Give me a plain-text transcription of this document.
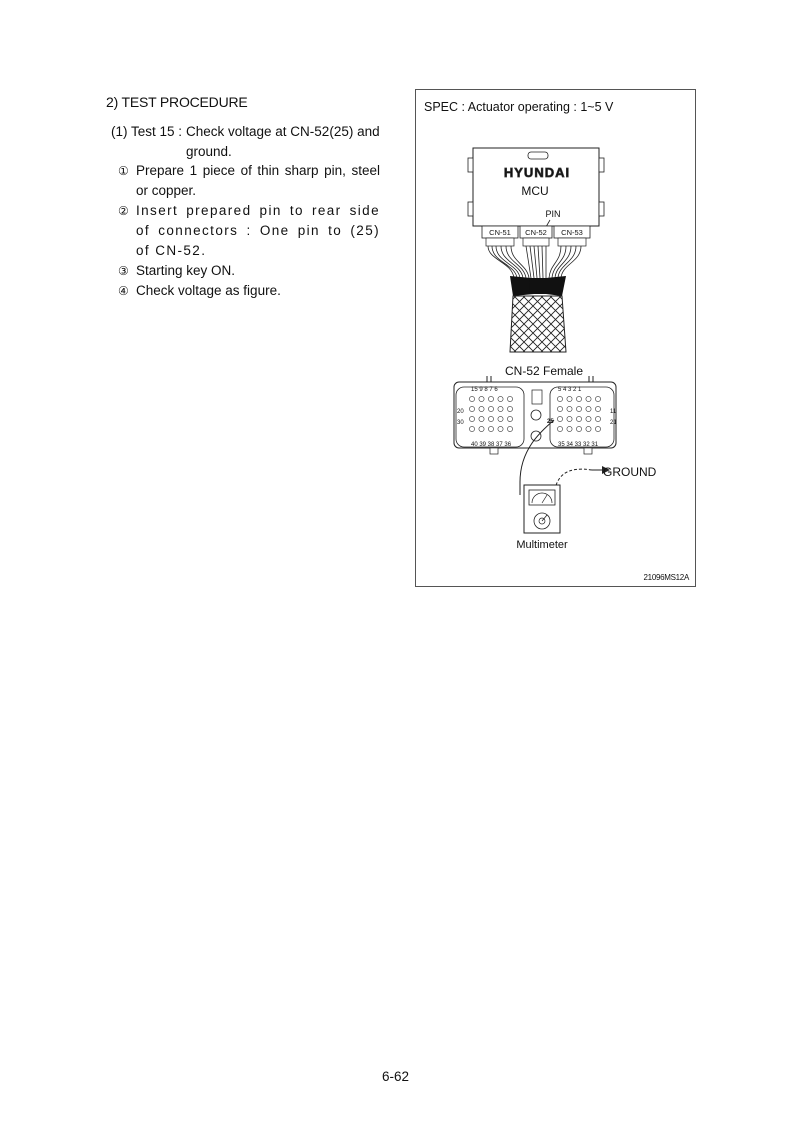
2) TEST PROCEDURE
(1) Test 15 : Check voltage at CN-52(25) and
ground.
① Prepare 1 piece of thin sharp pin, steel or copper.
② Insert prepared pin to rear side of connectors : One pin to (25) of CN-52.
③ Starting key ON.
④ Check voltage as figure.
SPEC : Actuator operating : 1~5 V
HYUNDAI
MCU
PIN
CN-51 CN-52 CN-53
CN-52 Female
15 9 8 7 6	5 4 3 2 1
40 39 38 37 36	35 34 33 32 31
20
30
11
21
25
GROUND
Multimeter
21096MS12A
6-62
